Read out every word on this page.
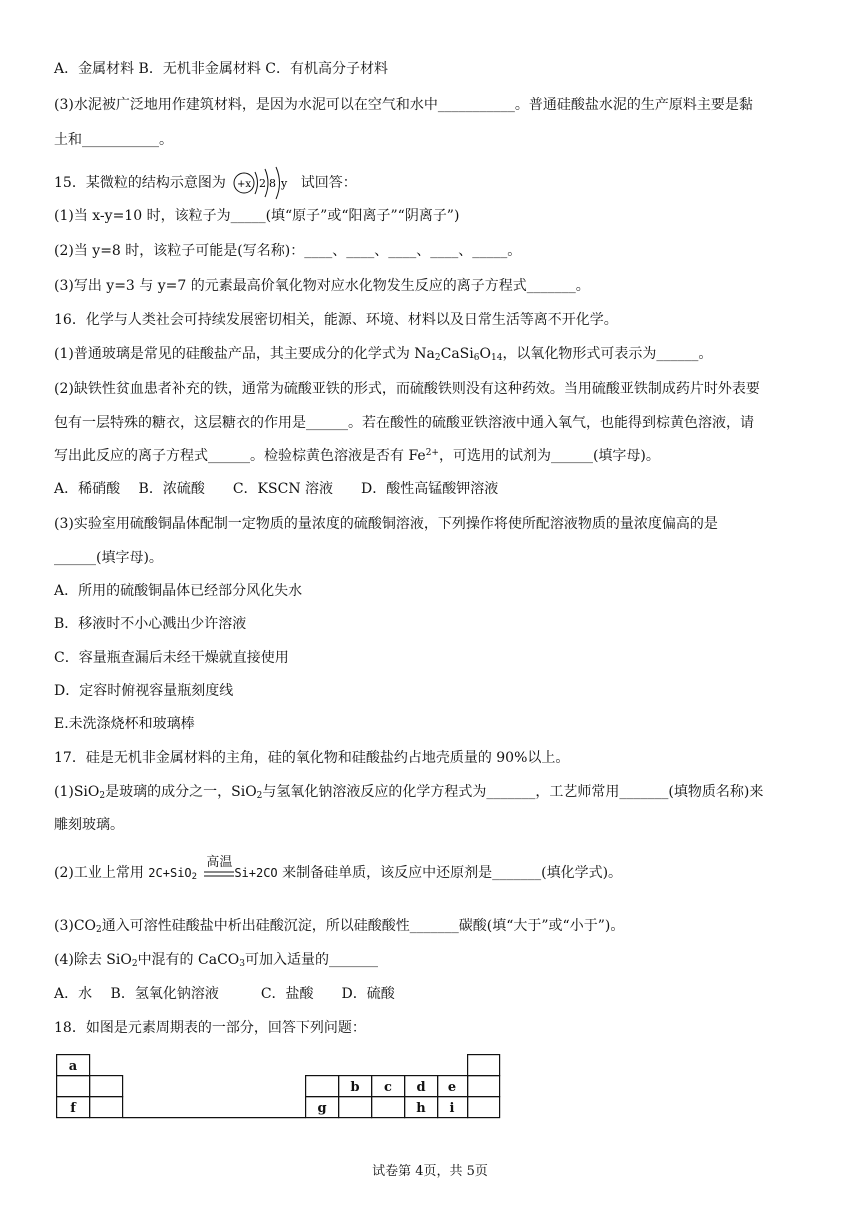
A．金属材料 B．无机非金属材料 C．有机高分子材料
(3)水泥被广泛地用作建筑材料，是因为水泥可以在空气和水中___________。普通硅酸盐水泥的生产原料主要是黏
土和___________。
15．某微粒的结构示意图为 +x 2 8 y 试回答：
(1)当 x-y=10 时，该粒子为_____(填“原子”或“阳离子”“阴离子”)
(2)当 y=8 时，该粒子可能是(写名称)：____、____、____、____、_____。
(3)写出 y=3 与 y=7 的元素最高价氧化物对应水化物发生反应的离子方程式_______。
16．化学与人类社会可持续发展密切相关，能源、环境、材料以及日常生活等离不开化学。
(1)普通玻璃是常见的硅酸盐产品，其主要成分的化学式为 $Na_2CaSi_6O_{14}$，以氧化物形式可表示为______。
(2)缺铁性贫血患者补充的铁，通常为硫酸亚铁的形式，而硫酸铁则没有这种药效。当用硫酸亚铁制成药片时外表要
包有一层特殊的糖衣，这层糖衣的作用是______。若在酸性的硫酸亚铁溶液中通入氧气，也能得到棕黄色溶液，请
写出此反应的离子方程式______。检验棕黄色溶液是否有 $Fe^{2+}$，可选用的试剂为______(填字母)。
A．稀硝酸　 B．浓硫酸　　C．KSCN 溶液　　D．酸性高锰酸钾溶液
(3)实验室用硫酸铜晶体配制一定物质的量浓度的硫酸铜溶液，下列操作将使所配溶液物质的量浓度偏高的是
______(填字母)。
A．所用的硫酸铜晶体已经部分风化失水
B．移液时不小心溅出少许溶液
C．容量瓶查漏后未经干燥就直接使用
D．定容时俯视容量瓶刻度线
E.未洗涤烧杯和玻璃棒
17．硅是无机非金属材料的主角，硅的氧化物和硅酸盐约占地壳质量的 90%以上。
(1)SiO$_2$是玻璃的成分之一，SiO$_2$与氢氧化钠溶液反应的化学方程式为_______，工艺师常用_______(填物质名称)来
雕刻玻璃。
(2)工业上常用 2C+SiO$_2$
高温
Si+2CO 来制备硅单质，该反应中还原剂是_______(填化学式)。
$(3)CO_2$通入可溶性硅酸盐中析出硅酸沉淀，所以硅酸酸性_______碳酸(填“大于”或“小于”)。
(4)除去 SiO$_2$中混有的 CaCO$_3$可加入适量的_______
A．水　 B．氢氧化钠溶液　　　C．盐酸　　D．硫酸
18．如图是元素周期表的一部分，回答下列问题：
a
f	g
b c d
h
e
i
试卷第 4页，共 5页
